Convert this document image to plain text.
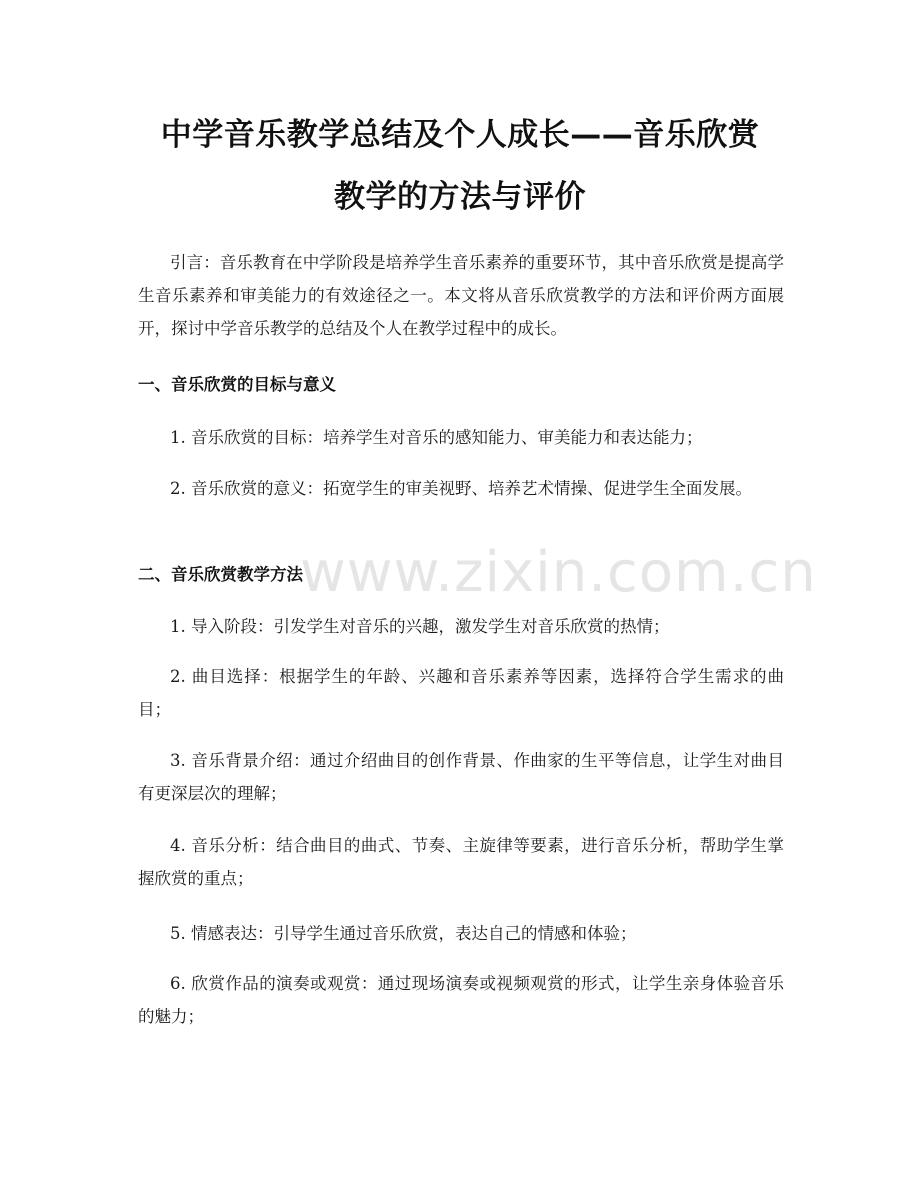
中学音乐教学总结及个人成长——音乐欣赏
教学的方法与评价

引言：音乐教育在中学阶段是培养学生音乐素养的重要环节，其中音乐欣赏是提高学生音乐素养和审美能力的有效途径之一。本文将从音乐欣赏教学的方法和评价两方面展开，探讨中学音乐教学的总结及个人在教学过程中的成长。

一、音乐欣赏的目标与意义

1. 音乐欣赏的目标：培养学生对音乐的感知能力、审美能力和表达能力；

2. 音乐欣赏的意义：拓宽学生的审美视野、培养艺术情操、促进学生全面发展。

二、音乐欣赏教学方法

1. 导入阶段：引发学生对音乐的兴趣，激发学生对音乐欣赏的热情；

2. 曲目选择：根据学生的年龄、兴趣和音乐素养等因素，选择符合学生需求的曲目；

3. 音乐背景介绍：通过介绍曲目的创作背景、作曲家的生平等信息，让学生对曲目有更深层次的理解；

4. 音乐分析：结合曲目的曲式、节奏、主旋律等要素，进行音乐分析，帮助学生掌握欣赏的重点；

5. 情感表达：引导学生通过音乐欣赏，表达自己的情感和体验；

6. 欣赏作品的演奏或观赏：通过现场演奏或视频观赏的形式，让学生亲身体验音乐的魅力；

www.zixin.com.cn
